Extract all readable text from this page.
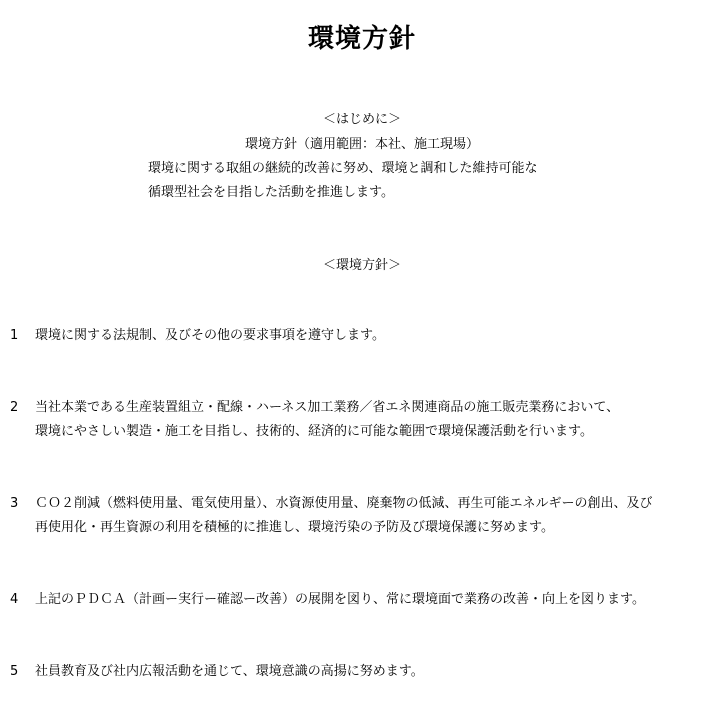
環境方針
＜はじめに＞
環境方針（適用範囲：本社、施工現場）
環境に関する取組の継続的改善に努め、環境と調和した維持可能な
循環型社会を目指した活動を推進します。
＜環境方針＞
1	環境に関する法規制、及びその他の要求事項を遵守します。
2	当社本業である生産装置組立・配線・ハーネス加工業務／省エネ関連商品の施工販売業務において、
環境にやさしい製造・施工を目指し、技術的、経済的に可能な範囲で環境保護活動を行います。
3	ＣＯ２削減（燃料使用量、電気使用量）、水資源使用量、廃棄物の低減、再生可能エネルギーの創出、及び
再使用化・再生資源の利用を積極的に推進し、環境汚染の予防及び環境保護に努めます。
4	上記のＰＤＣＡ（計画ー実行ー確認ー改善）の展開を図り、常に環境面で業務の改善・向上を図ります。
5	社員教育及び社内広報活動を通じて、環境意識の高揚に努めます。
